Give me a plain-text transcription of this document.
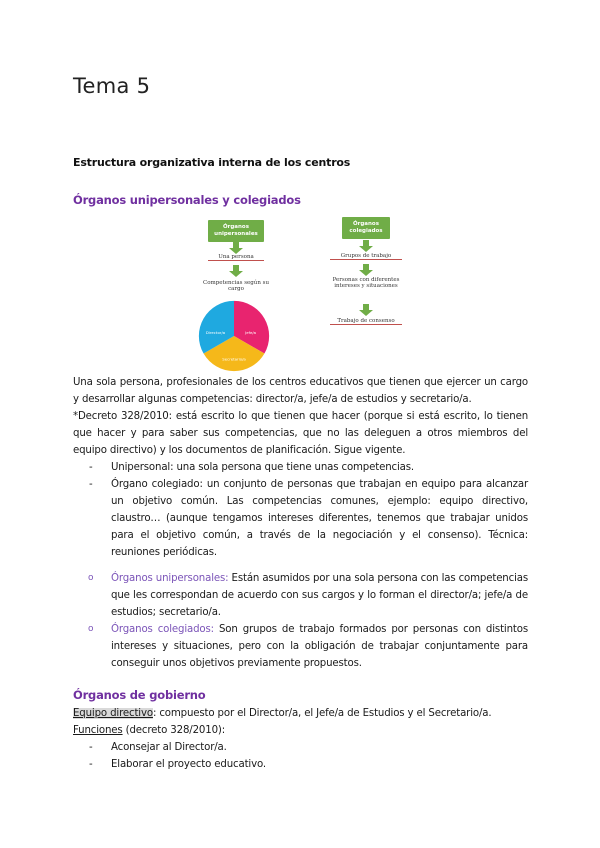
Tema 5
Estructura organizativa interna de los centros
Órganos unipersonales y colegiados
Órganos unipersonales
Una persona
Competencias según su cargo
Director/a	Jefe/a
Secretario/a
Órganos colegiados
Grupos de trabajo
Personas con diferentes intereses y situaciones
Trabajo de consenso

Una sola persona, profesionales de los centros educativos que tienen que ejercer un cargo y desarrollar algunas competencias: director/a, jefe/a de estudios y secretario/a.

*Decreto 328/2010: está escrito lo que tienen que hacer (porque si está escrito, lo tienen que hacer y para saber sus competencias, que no las deleguen a otros miembros del equipo directivo) y los documentos de planificación. Sigue vigente.

- Unipersonal: una sola persona que tiene unas competencias.
- Órgano colegiado: un conjunto de personas que trabajan en equipo para alcanzar un objetivo común. Las competencias comunes, ejemplo: equipo directivo, claustro… (aunque tengamos intereses diferentes, tenemos que trabajar unidos para el objetivo común, a través de la negociación y el consenso). Técnica: reuniones periódicas.
o Órganos unipersonales: Están asumidos por una sola persona con las competencias que les correspondan de acuerdo con sus cargos y lo forman el director/a; jefe/a de estudios; secretario/a.
o Órganos colegiados: Son grupos de trabajo formados por personas con distintos intereses y situaciones, pero con la obligación de trabajar conjuntamente para conseguir unos objetivos previamente propuestos.
Órganos de gobierno

Equipo directivo: compuesto por el Director/a, el Jefe/a de Estudios y el Secretario/a.

Funciones (decreto 328/2010):

- Aconsejar al Director/a.
- Elaborar el proyecto educativo.
